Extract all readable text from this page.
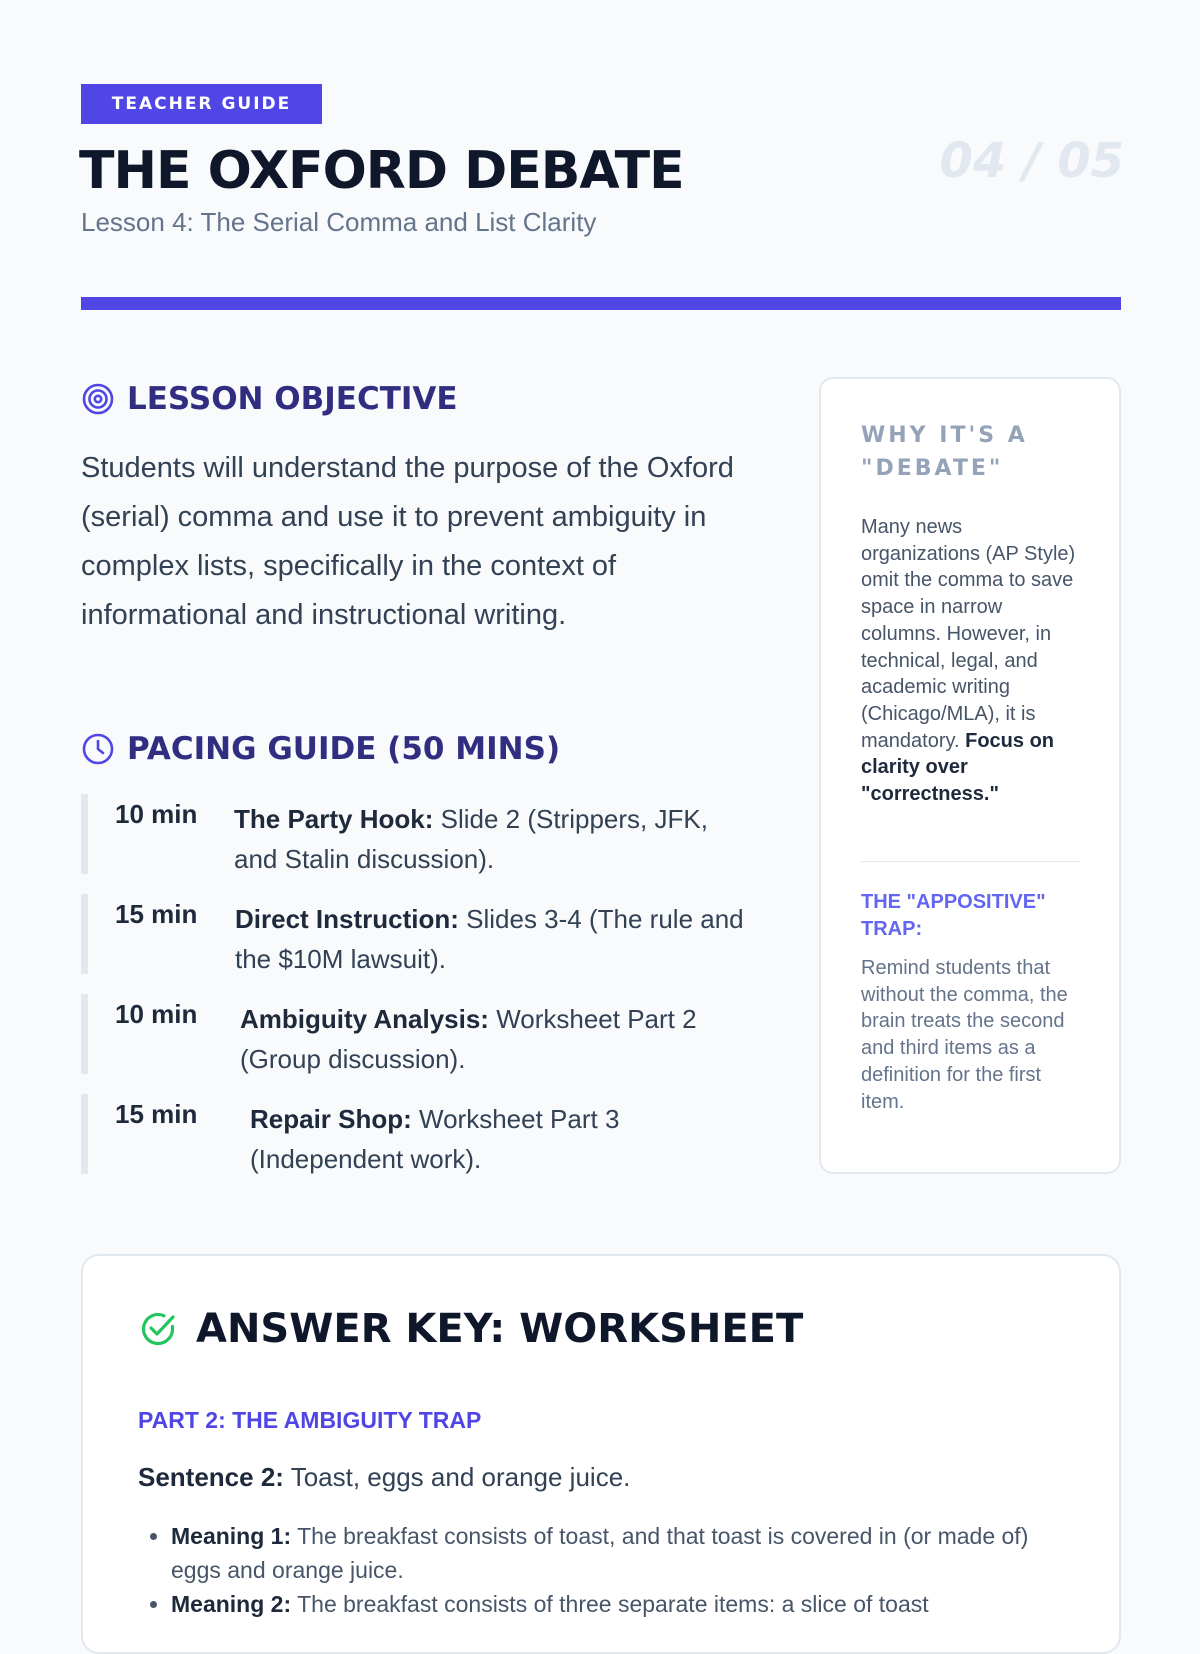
TEACHER GUIDE
THE OXFORD DEBATE	04 / 05
Lesson 4: The Serial Comma and List Clarity
LESSON OBJECTIVE
Students will understand the purpose of the Oxford (serial) comma and use it to prevent ambiguity in complex lists, specifically in the context of informational and instructional writing.
PACING GUIDE (50 MINS)
10 min The Party Hook: Slide 2 (Strippers, JFK, and Stalin discussion).
15 min Direct Instruction: Slides 3-4 (The rule and the $10M lawsuit).
10 min Ambiguity Analysis: Worksheet Part 2 (Group discussion).
15 min Repair Shop: Worksheet Part 3 (Independent work).
WHY IT'S A "DEBATE"
Many news organizations (AP Style) omit the comma to save space in narrow columns. However, in technical, legal, and academic writing (Chicago/MLA), it is mandatory. Focus on clarity over "correctness."
THE "APPOSITIVE" TRAP:
Remind students that without the comma, the brain treats the second and third items as a definition for the first item.
ANSWER KEY: WORKSHEET
PART 2: THE AMBIGUITY TRAP
Sentence 2: Toast, eggs and orange juice.
• Meaning 1: The breakfast consists of toast, and that toast is covered in (or made of) eggs and orange juice.
• Meaning 2: The breakfast consists of three separate items: a slice of toast
